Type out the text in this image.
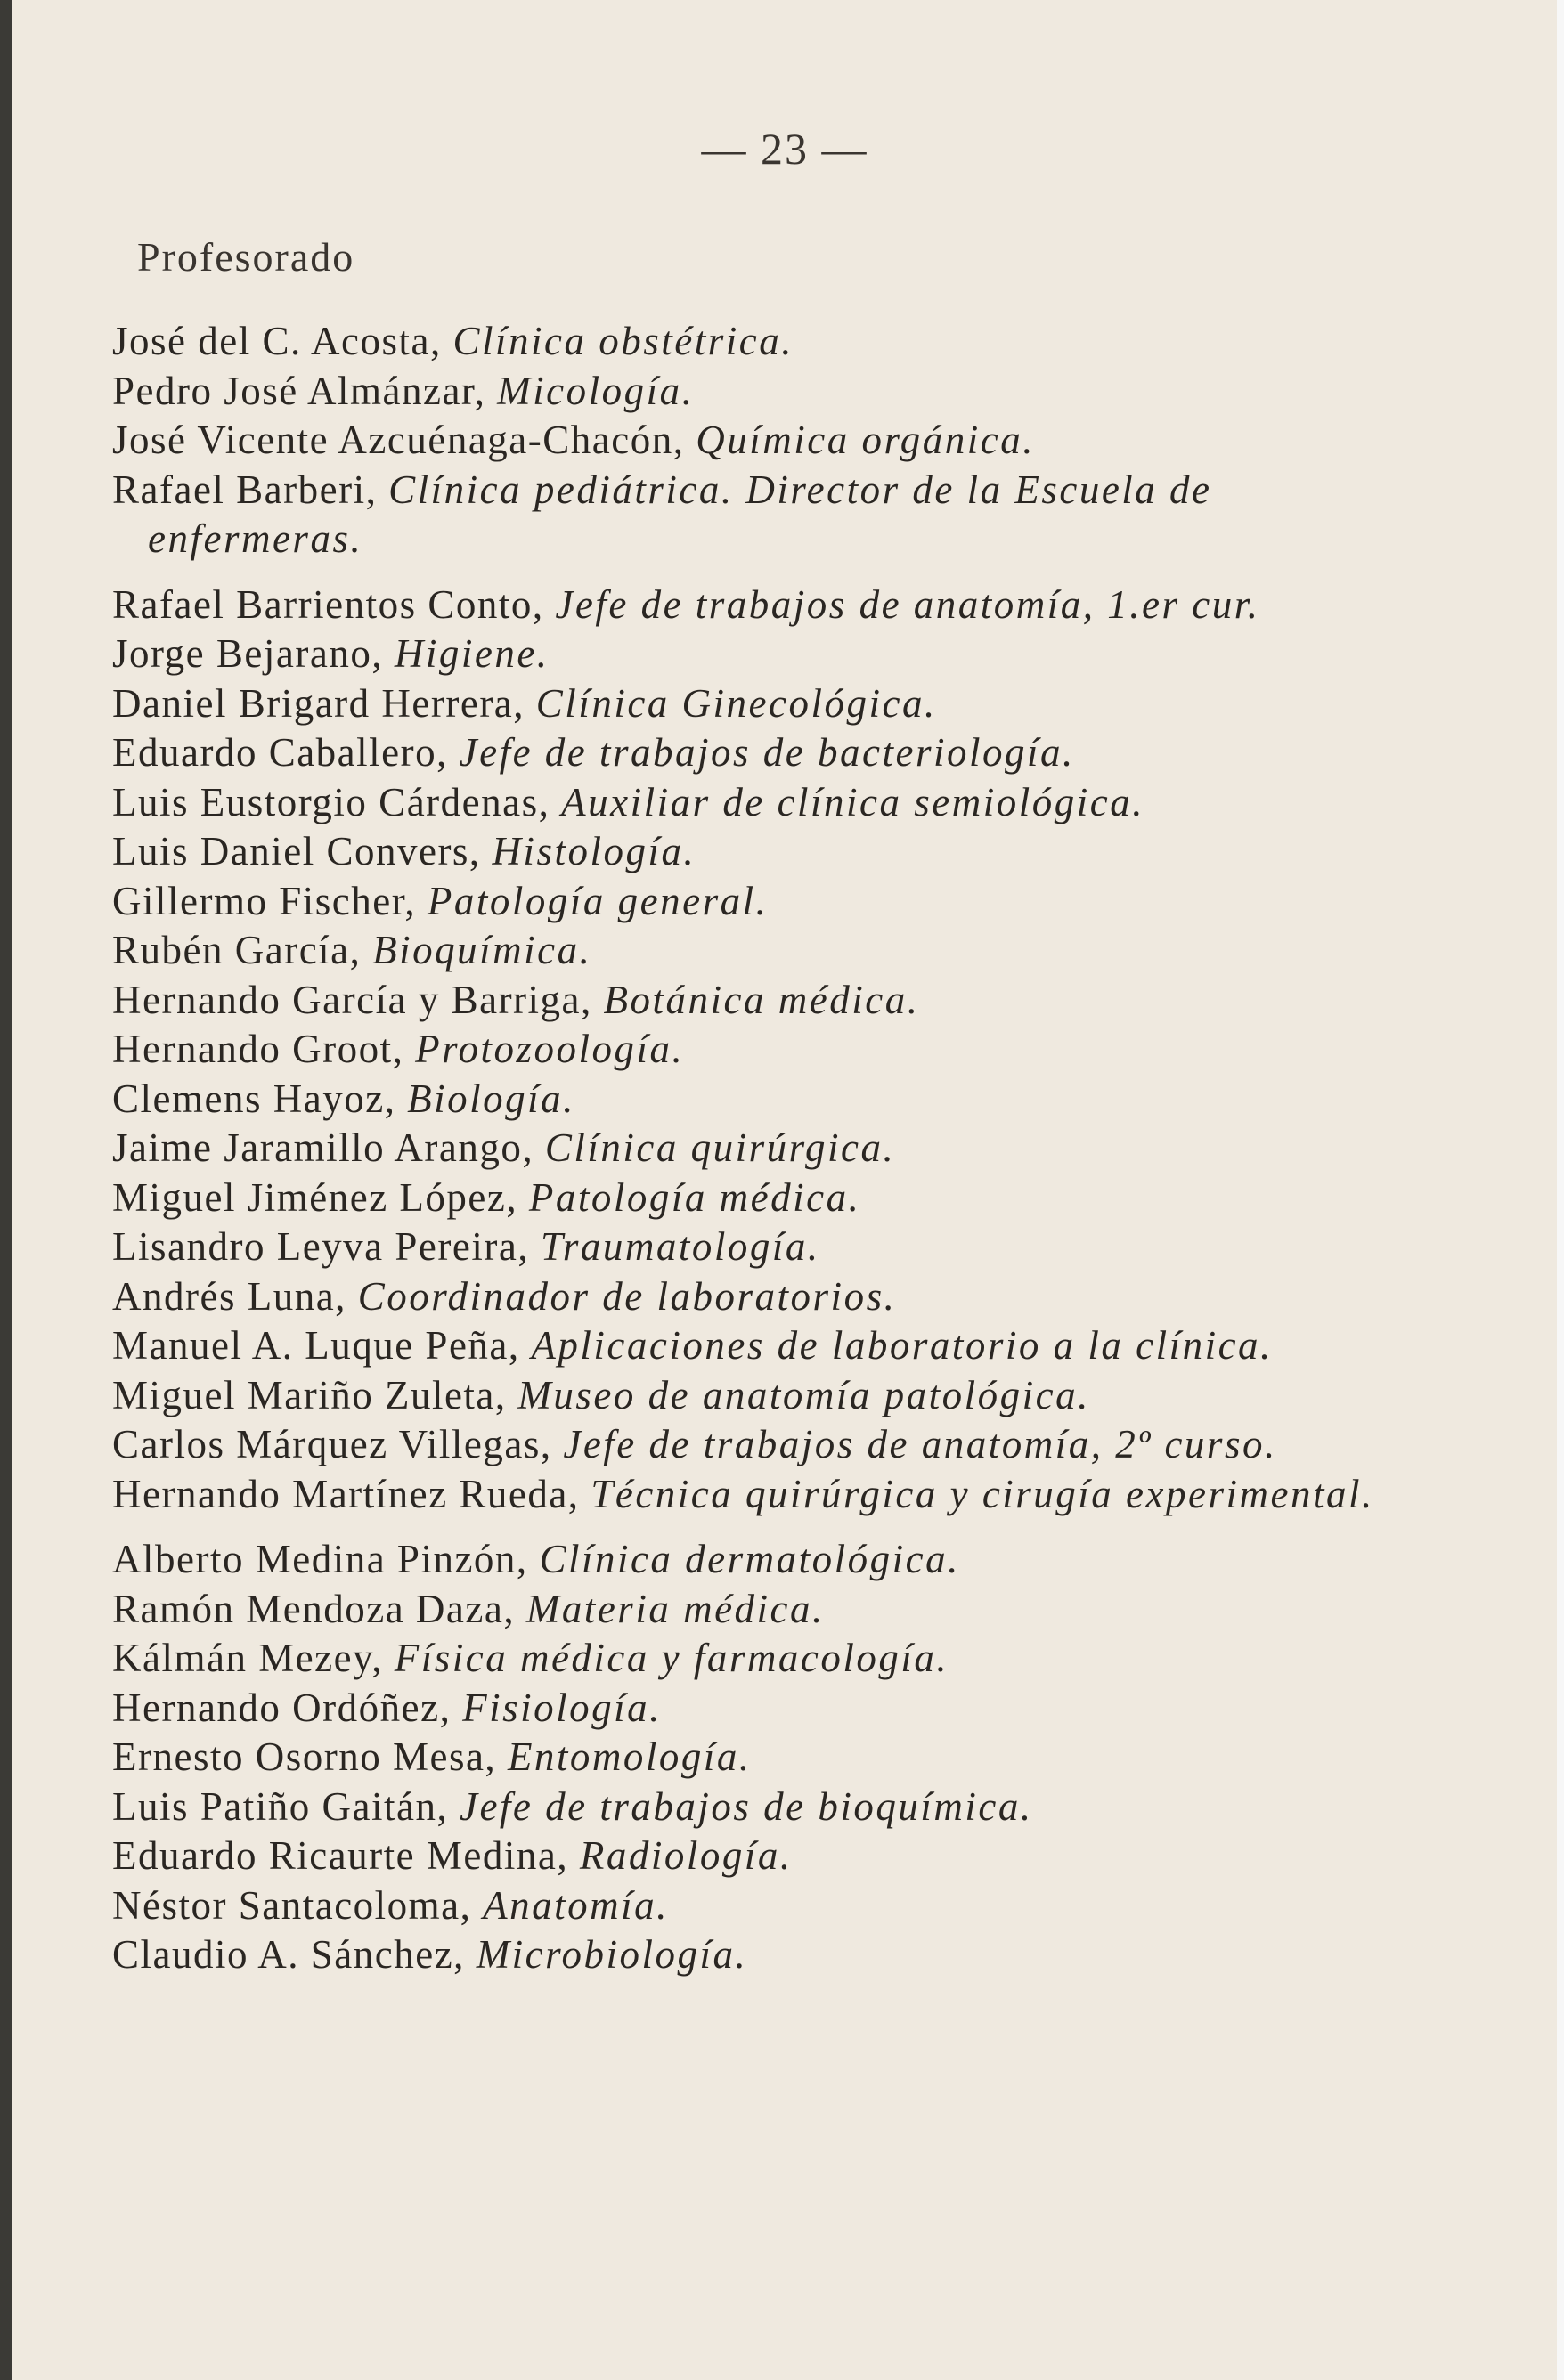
— 23 —
Profesorado
José del C. Acosta, Clínica obstétrica.
Pedro José Almánzar, Micología.
José Vicente Azcuénaga-Chacón, Química orgánica.
Rafael Barberi, Clínica pediátrica. Director de la Escuela de enfermeras.
Rafael Barrientos Conto, Jefe de trabajos de anatomía, 1.er cur.
Jorge Bejarano, Higiene.
Daniel Brigard Herrera, Clínica Ginecológica.
Eduardo Caballero, Jefe de trabajos de bacteriología.
Luis Eustorgio Cárdenas, Auxiliar de clínica semiológica.
Luis Daniel Convers, Histología.
Gillermo Fischer, Patología general.
Rubén García, Bioquímica.
Hernando García y Barriga, Botánica médica.
Hernando Groot, Protozoología.
Clemens Hayoz, Biología.
Jaime Jaramillo Arango, Clínica quirúrgica.
Miguel Jiménez López, Patología médica.
Lisandro Leyva Pereira, Traumatología.
Andrés Luna, Coordinador de laboratorios.
Manuel A. Luque Peña, Aplicaciones de laboratorio a la clínica.
Miguel Mariño Zuleta, Museo de anatomía patológica.
Carlos Márquez Villegas, Jefe de trabajos de anatomía, 2º curso.
Hernando Martínez Rueda, Técnica quirúrgica y cirugía experimental.
Alberto Medina Pinzón, Clínica dermatológica.
Ramón Mendoza Daza, Materia médica.
Kálmán Mezey, Física médica y farmacología.
Hernando Ordóñez, Fisiología.
Ernesto Osorno Mesa, Entomología.
Luis Patiño Gaitán, Jefe de trabajos de bioquímica.
Eduardo Ricaurte Medina, Radiología.
Néstor Santacoloma, Anatomía.
Claudio A. Sánchez, Microbiología.
